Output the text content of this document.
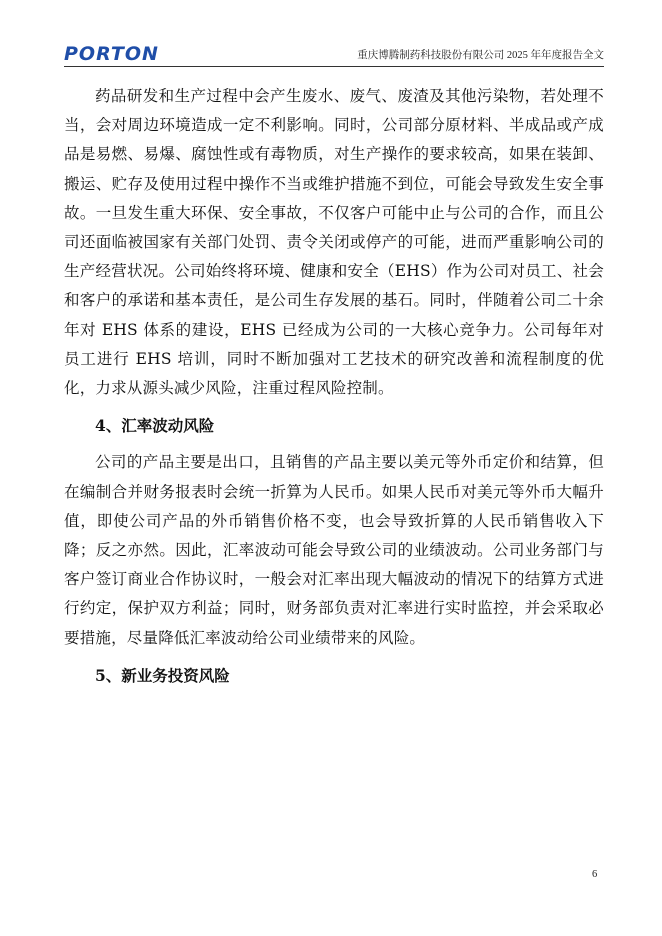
PORTON	重庆博腾制药科技股份有限公司 2025 年年度报告全文

药品研发和生产过程中会产生废水、废气、废渣及其他污染物，若处理不当，会对周边环境造成一定不利影响。同时，公司部分原材料、半成品或产成品是易燃、易爆、腐蚀性或有毒物质，对生产操作的要求较高，如果在装卸、搬运、贮存及使用过程中操作不当或维护措施不到位，可能会导致发生安全事故。一旦发生重大环保、安全事故，不仅客户可能中止与公司的合作，而且公司还面临被国家有关部门处罚、责令关闭或停产的可能，进而严重影响公司的生产经营状况。公司始终将环境、健康和安全（EHS）作为公司对员工、社会和客户的承诺和基本责任，是公司生存发展的基石。同时，伴随着公司二十余年对 EHS 体系的建设，EHS 已经成为公司的一大核心竞争力。公司每年对员工进行 EHS 培训，同时不断加强对工艺技术的研究改善和流程制度的优化，力求从源头减少风险，注重过程风险控制。

4、汇率波动风险

公司的产品主要是出口，且销售的产品主要以美元等外币定价和结算，但在编制合并财务报表时会统一折算为人民币。如果人民币对美元等外币大幅升值，即使公司产品的外币销售价格不变，也会导致折算的人民币销售收入下降；反之亦然。因此，汇率波动可能会导致公司的业绩波动。公司业务部门与客户签订商业合作协议时，一般会对汇率出现大幅波动的情况下的结算方式进行约定，保护双方利益；同时，财务部负责对汇率进行实时监控，并会采取必要措施，尽量降低汇率波动给公司业绩带来的风险。

5、新业务投资风险

6
